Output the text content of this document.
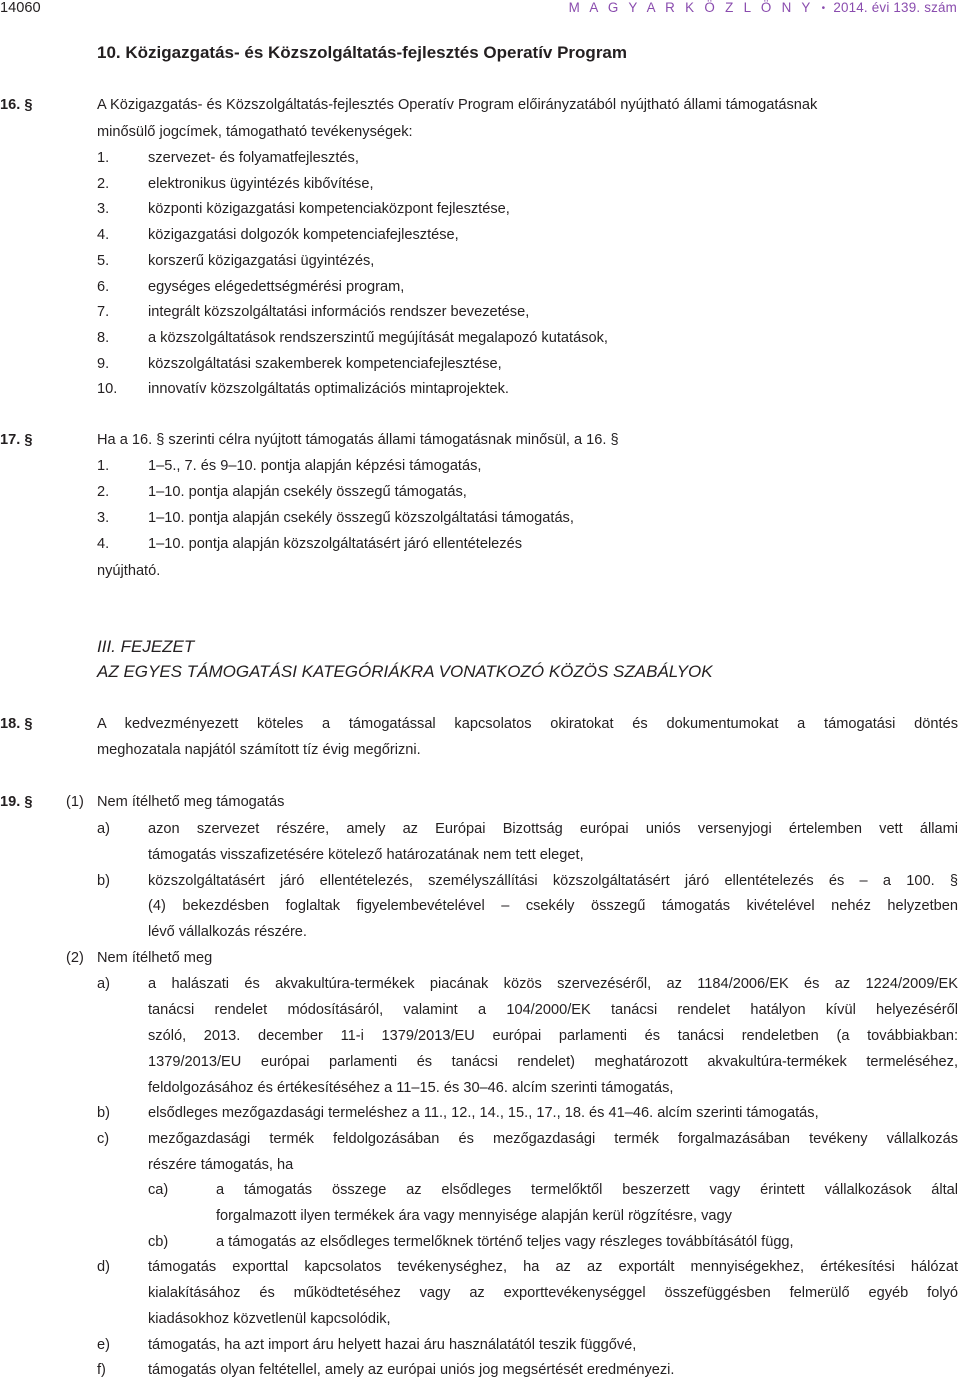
14060	M A G Y A R K Ö Z L Ö N Y • 2014. évi 139. szám
10. Közigazgatás- és Közszolgáltatás-fejlesztés Operatív Program
16. §	A Közigazgatás- és Közszolgáltatás-fejlesztés Operatív Program előirányzatából nyújtható állami támogatásnak
minősülő jogcímek, támogatható tevékenységek:
1.	szervezet- és folyamatfejlesztés,
2.	elektronikus ügyintézés kibővítése,
3.	központi közigazgatási kompetenciaközpont fejlesztése,
4.	közigazgatási dolgozók kompetenciafejlesztése,
5.	korszerű közigazgatási ügyintézés,
6.	egységes elégedettségmérési program,
7.	integrált közszolgáltatási információs rendszer bevezetése,
8.	a közszolgáltatások rendszerszintű megújítását megalapozó kutatások,
9.	közszolgáltatási szakemberek kompetenciafejlesztése,
10. innovatív közszolgáltatás optimalizációs mintaprojektek.
17. §	Ha a 16. § szerinti célra nyújtott támogatás állami támogatásnak minősül, a 16. §
1.	1–5., 7. és 9–10. pontja alapján képzési támogatás,
2.	1–10. pontja alapján csekély összegű támogatás,
3.	1–10. pontja alapján csekély összegű közszolgáltatási támogatás,
4.	1–10. pontja alapján közszolgáltatásért járó ellentételezés
nyújtható.
III. FEJEZET
AZ EGYES TÁMOGATÁSI KATEGÓRIÁKRA VONATKOZÓ KÖZÖS SZABÁLYOK
18. §	A kedvezményezett köteles a támogatással kapcsolatos okiratokat és dokumentumokat a támogatási döntés
meghozatala napjától számított tíz évig megőrizni.
19. § (1) Nem ítélhető meg támogatás
a)	azon szervezet részére, amely az Európai Bizottság európai uniós versenyjogi értelemben vett állami
támogatás visszafizetésére kötelező határozatának nem tett eleget,
b)	közszolgáltatásért járó ellentételezés, személyszállítási közszolgáltatásért járó ellentételezés és – a 100. §
(4) bekezdésben foglaltak figyelembevételével – csekély összegű támogatás kivételével nehéz helyzetben
lévő vállalkozás részére.
(2) Nem ítélhető meg
a)	a halászati és akvakultúra-termékek piacának közös szervezéséről, az 1184/2006/EK és az 1224/2009/EK
tanácsi rendelet módosításáról, valamint a 104/2000/EK tanácsi rendelet hatályon kívül helyezéséről
szóló, 2013. december 11-i 1379/2013/EU európai parlamenti és tanácsi rendeletben (a továbbiakban:
1379/2013/EU európai parlamenti és tanácsi rendelet) meghatározott akvakultúra-termékek termeléséhez,
feldolgozásához és értékesítéséhez a 11–15. és 30–46. alcím szerinti támogatás,
b)	elsődleges mezőgazdasági termeléshez a 11., 12., 14., 15., 17., 18. és 41–46. alcím szerinti támogatás,
c)	mezőgazdasági termék feldolgozásában és mezőgazdasági termék forgalmazásában tevékeny vállalkozás
részére támogatás, ha
ca)	a támogatás összege az elsődleges termelőktől beszerzett vagy érintett vállalkozások által
forgalmazott ilyen termékek ára vagy mennyisége alapján kerül rögzítésre, vagy
cb)	a támogatás az elsődleges termelőknek történő teljes vagy részleges továbbításától függ,
d)	támogatás exporttal kapcsolatos tevékenységhez, ha az az exportált mennyiségekhez, értékesítési hálózat
kialakításához és működtetéséhez vagy az exporttevékenységgel összefüggésben felmerülő egyéb folyó
kiadásokhoz közvetlenül kapcsolódik,
e)	támogatás, ha azt import áru helyett hazai áru használatától teszik függővé,
f)	támogatás olyan feltétellel, amely az európai uniós jog megsértését eredményezi.
